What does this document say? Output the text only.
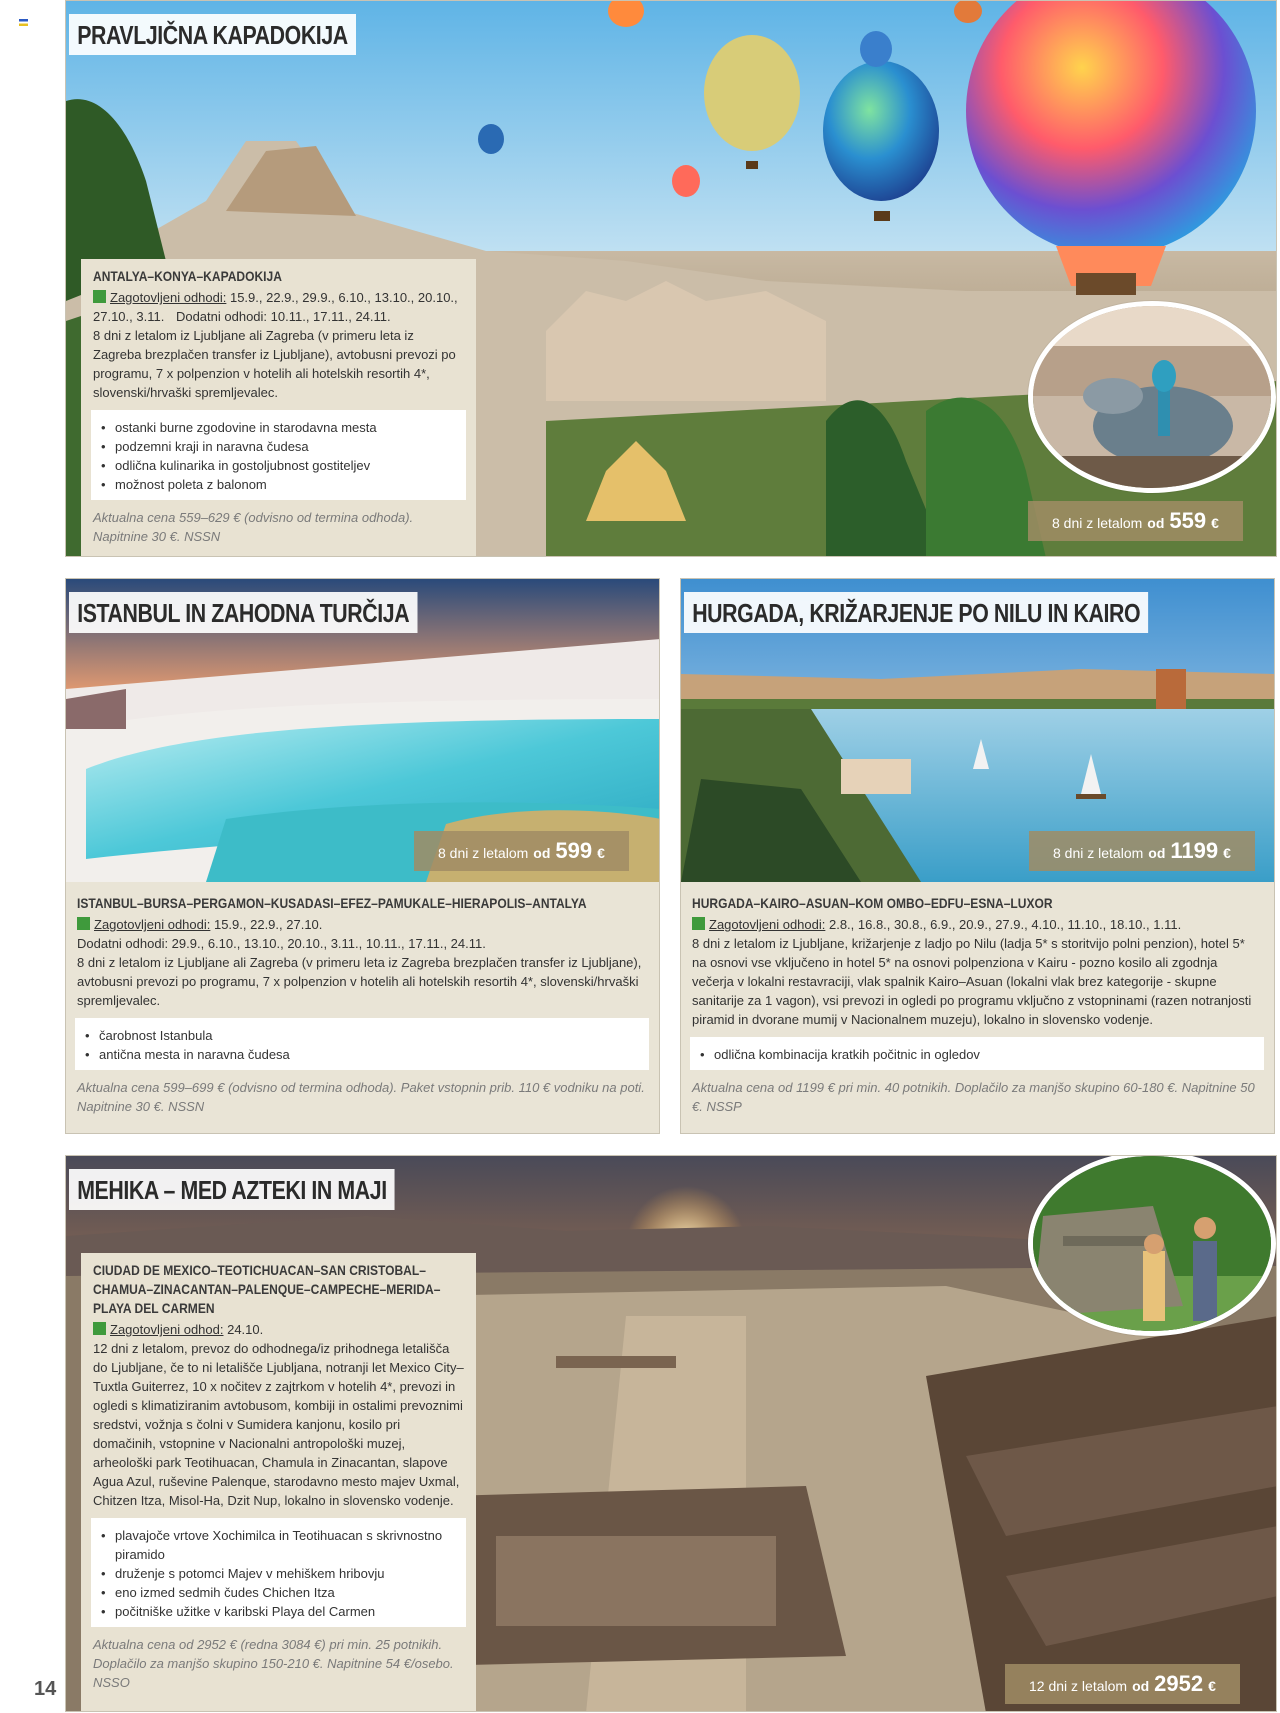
PRAVLJIČNA KAPADOKIJA
ANTALYA–KONYA–KAPADOKIJA
Zagotovljeni odhodi: 15.9., 22.9., 29.9., 6.10., 13.10., 20.10., 27.10., 3.11. Dodatni odhodi: 10.11., 17.11., 24.11.
8 dni z letalom iz Ljubljane ali Zagreba (v primeru leta iz Zagreba brezplačen transfer iz Ljubljane), avtobusni prevozi po programu, 7 x polpenzion v hotelih ali hotelskih resortih 4*, slovenski/hrvaški spremljevalec.
• ostanki burne zgodovine in starodavna mesta
• podzemni kraji in naravna čudesa
• odlična kulinarika in gostoljubnost gostiteljev
• možnost poleta z balonom
Aktualna cena 559–629 € (odvisno od termina odhoda). Napitnine 30 €. NSSN
8 dni z letalom od 559 €
ISTANBUL IN ZAHODNA TURČIJA
8 dni z letalom od 599 €
ISTANBUL–BURSA–PERGAMON–KUSADASI–EFEZ–PAMUKALE–HIERAPOLIS–ANTALYA
Zagotovljeni odhodi: 15.9., 22.9., 27.10.
Dodatni odhodi: 29.9., 6.10., 13.10., 20.10., 3.11., 10.11., 17.11., 24.11.
8 dni z letalom iz Ljubljane ali Zagreba (v primeru leta iz Zagreba brezplačen transfer iz Ljubljane), avtobusni prevozi po programu, 7 x polpenzion v hotelih ali hotelskih resortih 4*, slovenski/hrvaški spremljevalec.
• čarobnost Istanbula
• antična mesta in naravna čudesa
Aktualna cena 599–699 € (odvisno od termina odhoda). Paket vstopnin prib. 110 € vodniku na poti. Napitnine 30 €. NSSN
HURGADA, KRIŽARJENJE PO NILU IN KAIRO
8 dni z letalom od 1199 €
HURGADA–KAIRO–ASUAN–KOM OMBO–EDFU–ESNA–LUXOR
Zagotovljeni odhodi: 2.8., 16.8., 30.8., 6.9., 20.9., 27.9., 4.10., 11.10., 18.10., 1.11.
8 dni z letalom iz Ljubljane, križarjenje z ladjo po Nilu (ladja 5* s storitvijo polni penzion), hotel 5* na osnovi vse vključeno in hotel 5* na osnovi polpenziona v Kairu - pozno kosilo ali zgodnja večerja v lokalni restavraciji, vlak spalnik Kairo–Asuan (lokalni vlak brez kategorije - skupne sanitarije za 1 vagon), vsi prevozi in ogledi po programu vključno z vstopninami (razen notranjosti piramid in dvorane mumij v Nacionalnem muzeju), lokalno in slovensko vodenje.
• odlična kombinacija kratkih počitnic in ogledov
Aktualna cena od 1199 € pri min. 40 potnikih. Doplačilo za manjšo skupino 60-180 €. Napitnine 50 €. NSSP
MEHIKA – MED AZTEKI IN MAJI
CIUDAD DE MEXICO–TEOTICHUACAN–SAN CRISTOBAL–CHAMUA–ZINACANTAN–PALENQUE–CAMPECHE–MERIDA–PLAYA DEL CARMEN
Zagotovljeni odhod: 24.10.
12 dni z letalom, prevoz do odhodnega/iz prihodnega letališča do Ljubljane, če to ni letališče Ljubljana, notranji let Mexico City–Tuxtla Guiterrez, 10 x nočitev z zajtrkom v hotelih 4*, prevozi in ogledi s klimatiziranim avtobusom, kombiji in ostalimi prevoznimi sredstvi, vožnja s čolni v Sumidera kanjonu, kosilo pri domačinih, vstopnine v Nacionalni antropološki muzej, arheološki park Teotihuacan, Chamula in Zinacantan, slapove Agua Azul, ruševine Palenque, starodavno mesto majev Uxmal, Chitzen Itza, Misol-Ha, Dzit Nup, lokalno in slovensko vodenje.
• plavajoče vrtove Xochimilca in Teotihuacan s skrivnostno piramido
• druženje s potomci Majev v mehiškem hribovju
• eno izmed sedmih čudes Chichen Itza
• počitniške užitke v karibski Playa del Carmen
Aktualna cena od 2952 € (redna 3084 €) pri min. 25 potnikih. Doplačilo za manjšo skupino 150-210 €. Napitnine 54 €/osebo. NSSO	12 dni z letalom od 2952 €
14
